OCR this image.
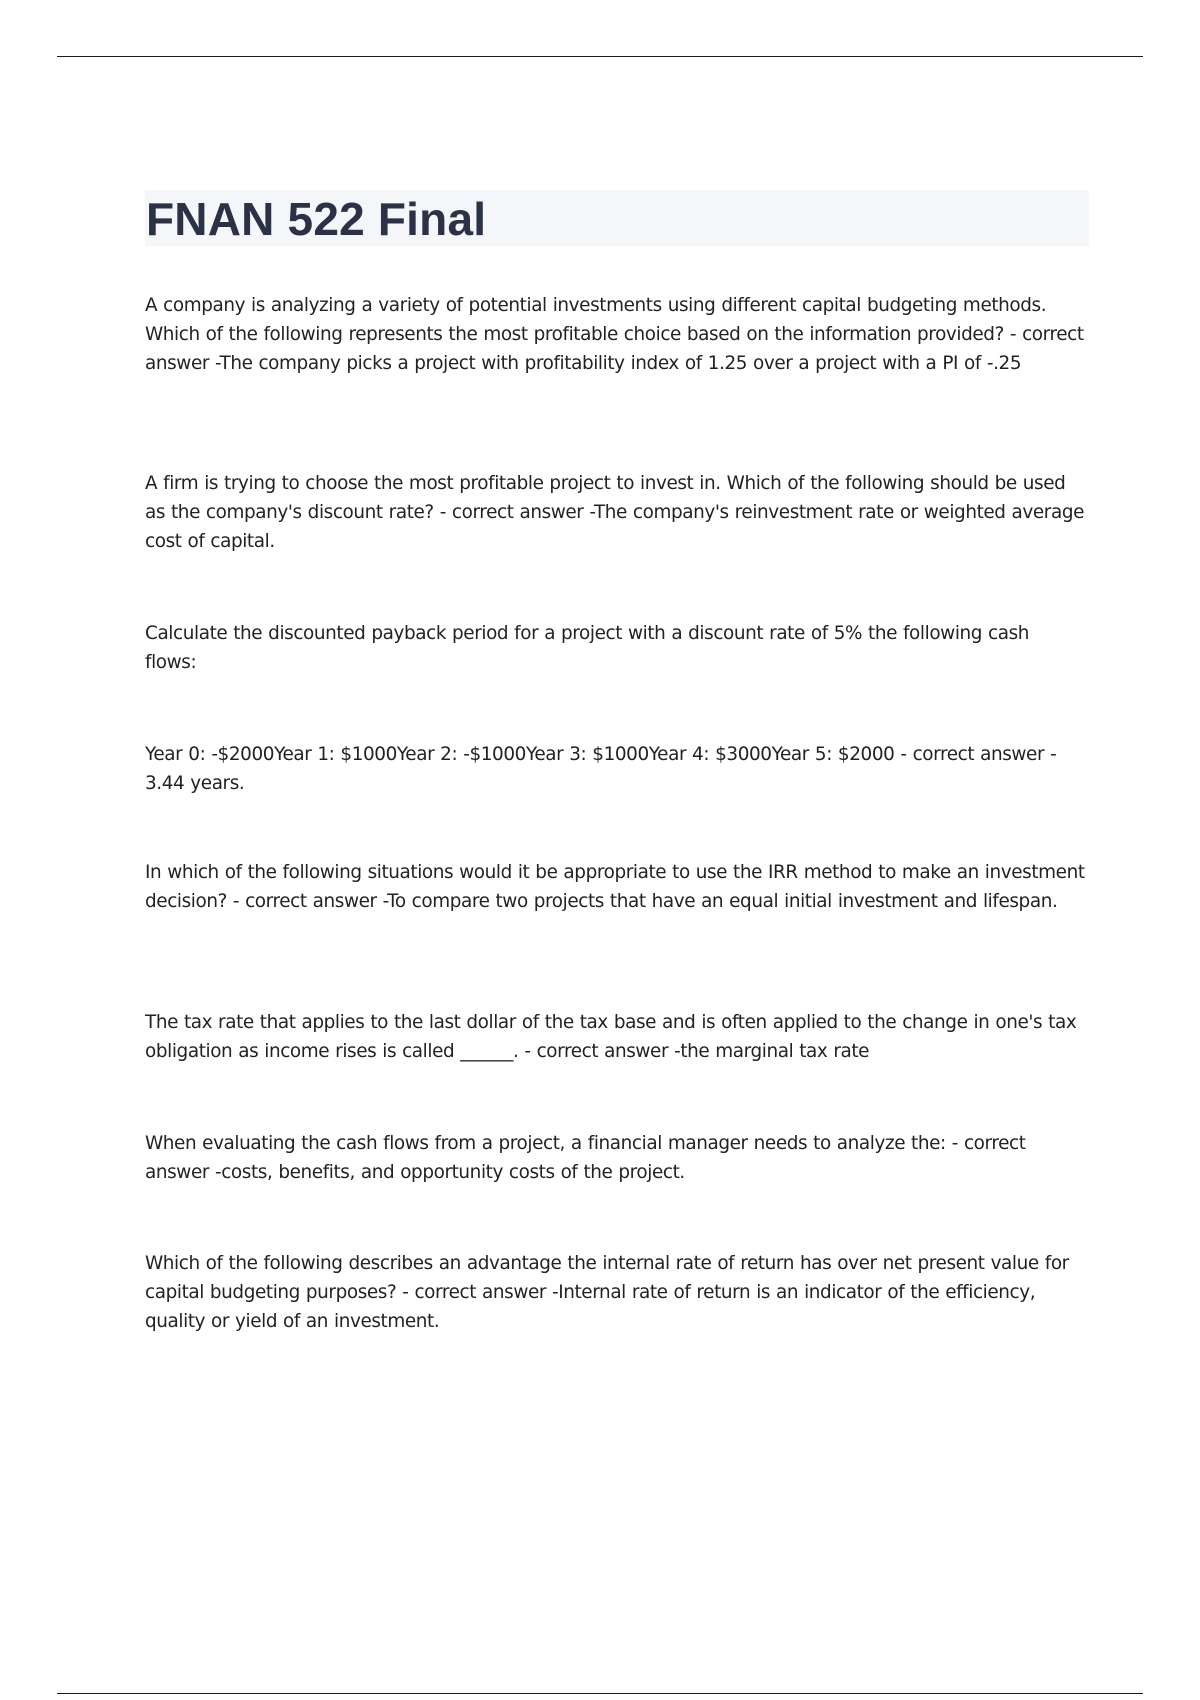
FNAN 522 Final

A company is analyzing a variety of potential investments using different capital budgeting methods. Which of the following represents the most profitable choice based on the information provided? - correct answer -The company picks a project with profitability index of 1.25 over a project with a PI of -.25

A firm is trying to choose the most profitable project to invest in. Which of the following should be used as the company's discount rate? - correct answer -The company's reinvestment rate or weighted average cost of capital.

Calculate the discounted payback period for a project with a discount rate of 5% the following cash flows:

Year 0: -$2000Year 1: $1000Year 2: -$1000Year 3: $1000Year 4: $3000Year 5: $2000 - correct answer - 3.44 years.

In which of the following situations would it be appropriate to use the IRR method to make an investment decision? - correct answer -To compare two projects that have an equal initial investment and lifespan.

The tax rate that applies to the last dollar of the tax base and is often applied to the change in one's tax obligation as income rises is called ______. - correct answer -the marginal tax rate

When evaluating the cash flows from a project, a financial manager needs to analyze the: - correct answer -costs, benefits, and opportunity costs of the project.

Which of the following describes an advantage the internal rate of return has over net present value for capital budgeting purposes? - correct answer -Internal rate of return is an indicator of the efficiency, quality or yield of an investment.
